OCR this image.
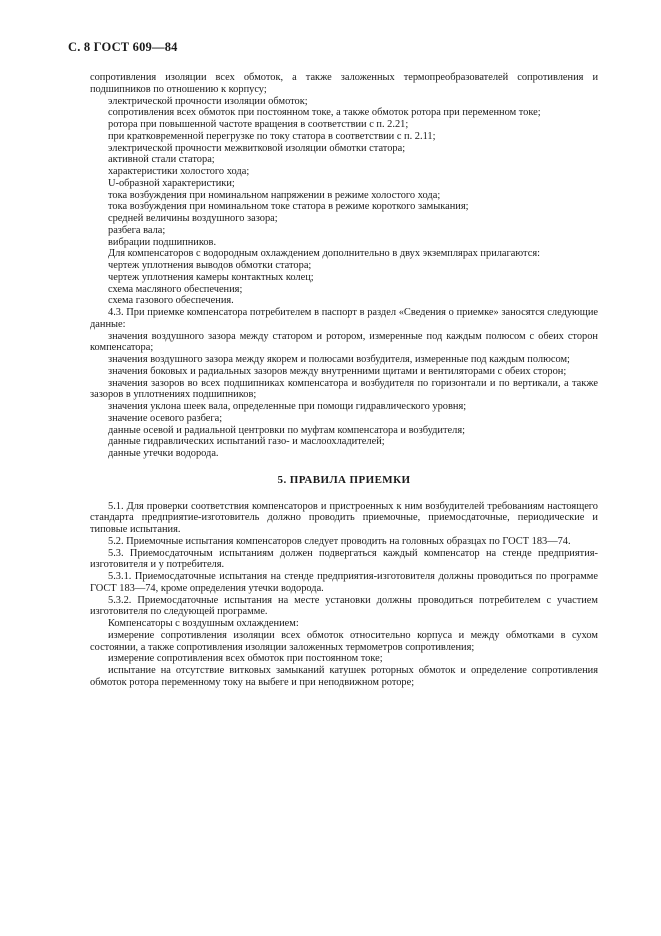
С. 8 ГОСТ 609—84

сопротивления изоляции всех обмоток, а также заложенных термопреобразователей сопротивления и подшипников по отношению к корпусу;

электрической прочности изоляции обмоток;

сопротивления всех обмоток при постоянном токе, а также обмоток ротора при переменном токе;

ротора при повышенной частоте вращения в соответствии с п. 2.21;

при кратковременной перегрузке по току статора в соответствии с п. 2.11;

электрической прочности межвитковой изоляции обмотки статора;

активной стали статора;

характеристики холостого хода;

U-образной характеристики;

тока возбуждения при номинальном напряжении в режиме холостого хода;

тока возбуждения при номинальном токе статора в режиме короткого замыкания;

средней величины воздушного зазора;

разбега вала;

вибрации подшипников.

Для компенсаторов с водородным охлаждением дополнительно в двух экземплярах прилагаются:

чертеж уплотнения выводов обмотки статора;

чертеж уплотнения камеры контактных колец;

схема масляного обеспечения;

схема газового обеспечения.

4.3. При приемке компенсатора потребителем в паспорт в раздел «Сведения о приемке» заносятся следующие данные:

значения воздушного зазора между статором и ротором, измеренные под каждым полюсом с обеих сторон компенсатора;

значения воздушного зазора между якорем и полюсами возбудителя, измеренные под каждым полюсом;

значения боковых и радиальных зазоров между внутренними щитами и вентиляторами с обеих сторон;

значения зазоров во всех подшипниках компенсатора и возбудителя по горизонтали и по вертикали, а также зазоров в уплотнениях подшипников;

значения уклона шеек вала, определенные при помощи гидравлического уровня;

значение осевого разбега;

данные осевой и радиальной центровки по муфтам компенсатора и возбудителя;

данные гидравлических испытаний газо- и маслоохладителей;

данные утечки водорода.

5. ПРАВИЛА ПРИЕМКИ

5.1. Для проверки соответствия компенсаторов и пристроенных к ним возбудителей требованиям настоящего стандарта предприятие-изготовитель должно проводить приемочные, приемосдаточные, периодические и типовые испытания.

5.2. Приемочные испытания компенсаторов следует проводить на головных образцах по ГОСТ 183—74.

5.3. Приемосдаточным испытаниям должен подвергаться каждый компенсатор на стенде предприятия-изготовителя и у потребителя.

5.3.1. Приемосдаточные испытания на стенде предприятия-изготовителя должны проводиться по программе ГОСТ 183—74, кроме определения утечки водорода.

5.3.2. Приемосдаточные испытания на месте установки должны проводиться потребителем с участием изготовителя по следующей программе.

Компенсаторы с воздушным охлаждением:

измерение сопротивления изоляции всех обмоток относительно корпуса и между обмотками в сухом состоянии, а также сопротивления изоляции заложенных термометров сопротивления;

измерение сопротивления всех обмоток при постоянном токе;

испытание на отсутствие витковых замыканий катушек роторных обмоток и определение сопротивления обмоток ротора переменному току на выбеге и при неподвижном роторе;
